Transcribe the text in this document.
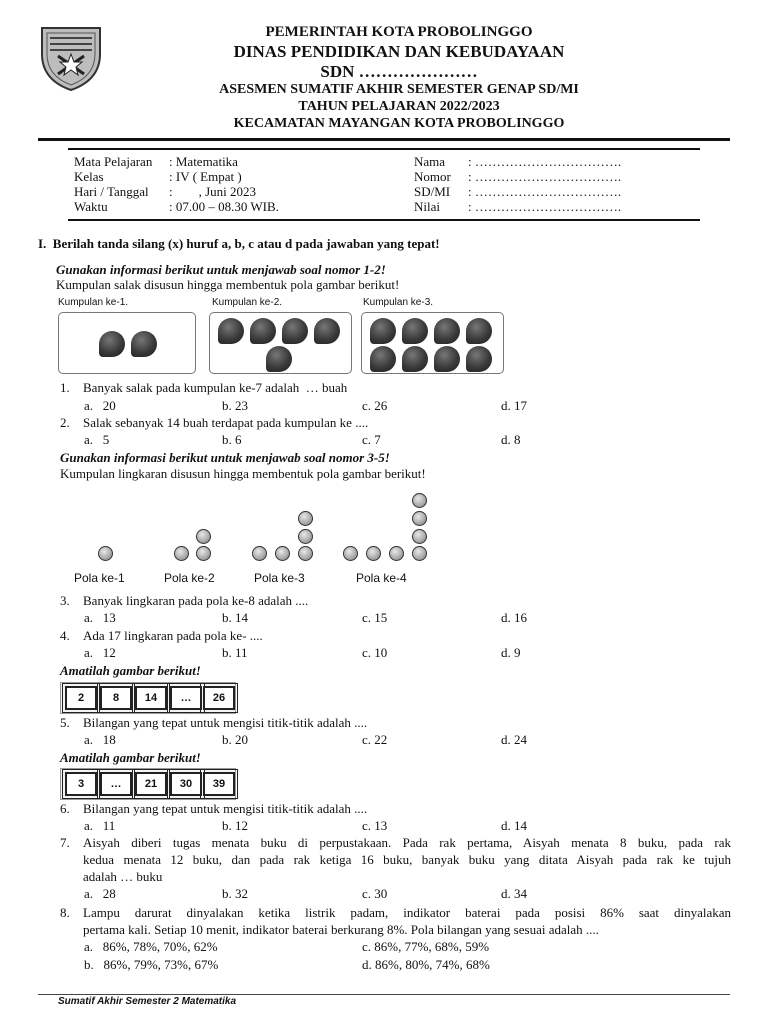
PEMERINTAH KOTA PROBOLINGGO
DINAS PENDIDIKAN DAN KEBUDAYAAN
SDN …………………
ASESMEN SUMATIF AKHIR SEMESTER GENAP SD/MI
TAHUN PELAJARAN 2022/2023
KECAMATAN MAYANGAN KOTA PROBOLINGGO
Mata Pelajaran : Matematika
Kelas	: IV ( Empat )
Hari / Tanggal :        , Juni 2023
Waktu	: 07.00 – 08.30 WIB.
Nama : …………………………….
Nomor : …………………………….
SD/MI : …………………………….
Nilai : …………………………….
I.  Berilah tanda silang (x) huruf a, b, c atau d pada jawaban yang tepat!
Gunakan informasi berikut untuk menjawab soal nomor 1-2!
Kumpulan salak disusun hingga membentuk pola gambar berikut!
Kumpulan ke-1.	Kumpulan ke-2.	Kumpulan ke-3.
1. Banyak salak pada kumpulan ke-7 adalah  … buah
a.   20	b. 23	c. 26	d. 17
2. Salak sebanyak 14 buah terdapat pada kumpulan ke ....
a.   5	b. 6	c. 7	d. 8
Gunakan informasi berikut untuk menjawab soal nomor 3-5!
Kumpulan lingkaran disusun hingga membentuk pola gambar berikut!
Pola ke-1	Pola ke-2	Pola ke-3	Pola ke-4
3. Banyak lingkaran pada pola ke-8 adalah ....
a.   13	b. 14	c. 15	d. 16
4. Ada 17 lingkaran pada pola ke- ....
a.   12	b. 11	c. 10	d. 9
Amatilah gambar berikut!
2	8	14	…	26
5. Bilangan yang tepat untuk mengisi titik-titik adalah ....
a.   18	b. 20	c. 22	d. 24
Amatilah gambar berikut!
3	…	21	30	39
6. Bilangan yang tepat untuk mengisi titik-titik adalah ....
a.   11	b. 12	c. 13	d. 14
7. Aisyah diberi tugas menata buku di perpustakaan. Pada rak pertama, Aisyah menata 8 buku, pada rak
kedua menata 12 buku, dan pada rak ketiga 16 buku, banyak buku yang ditata Aisyah pada rak ke tujuh
adalah … buku
a.   28	b. 32	c. 30	d. 34
8. Lampu darurat dinyalakan ketika listrik padam, indikator baterai pada posisi 86% saat dinyalakan
pertama kali. Setiap 10 menit, indikator baterai berkurang 8%. Pola bilangan yang sesuai adalah ....
a.   86%, 78%, 70%, 62%	c. 86%, 77%, 68%, 59%
b.   86%, 79%, 73%, 67%	d. 86%, 80%, 74%, 68%
Sumatif Akhir Semester 2 Matematika
